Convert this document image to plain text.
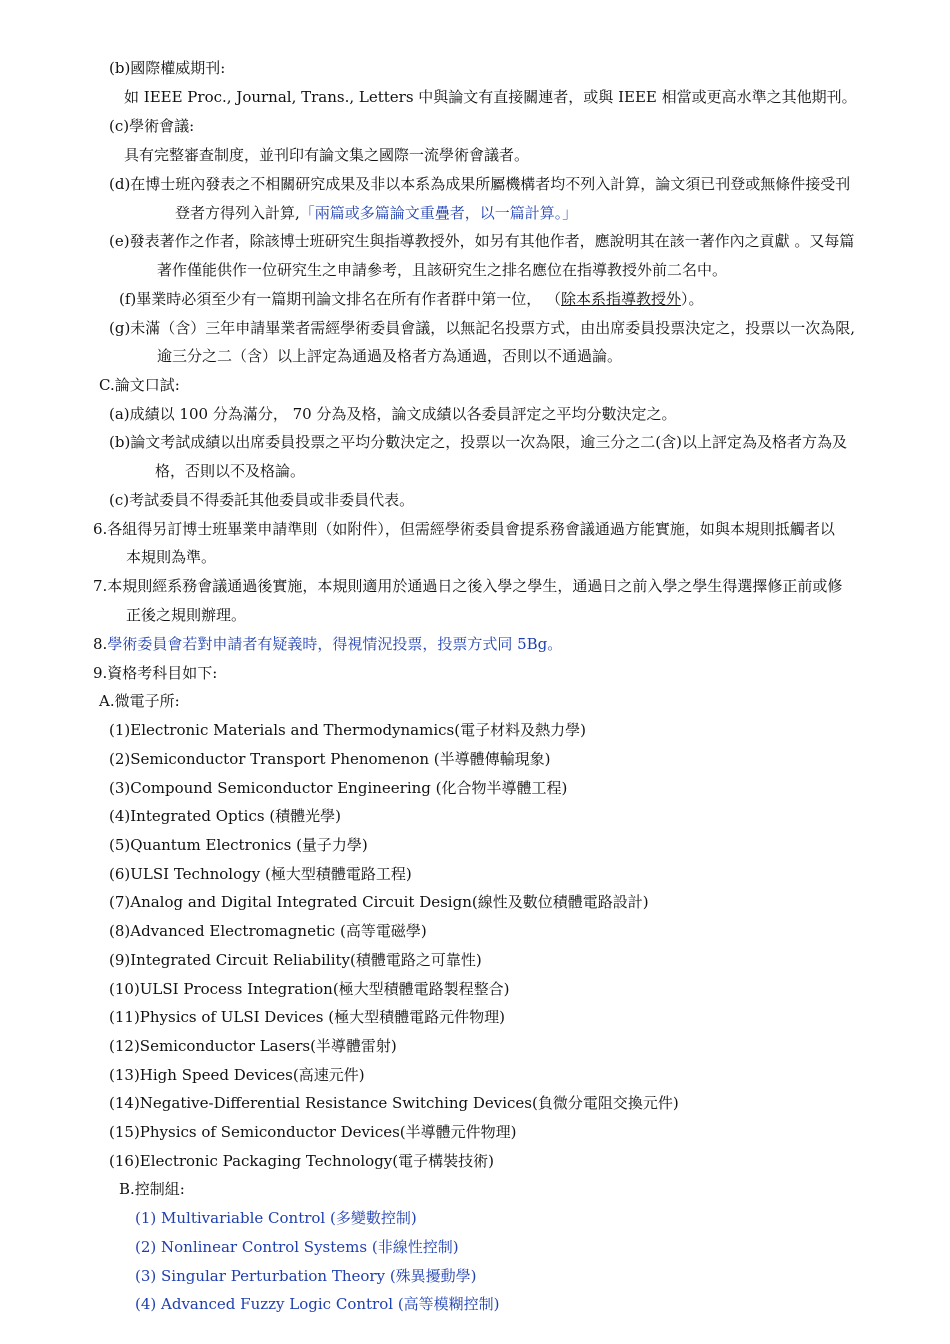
(b)國際權威期刊:
如 IEEE Proc., Journal, Trans., Letters 中與論文有直接關連者，或與 IEEE 相當或更高水準之其他期刊。
(c)學術會議:
具有完整審查制度，並刊印有論文集之國際一流學術會議者。
(d)在博士班內發表之不相關研究成果及非以本系為成果所屬機構者均不列入計算，論文須已刊登或無條件接受刊
登者方得列入計算,「兩篇或多篇論文重疊者，以一篇計算。」
(e)發表著作之作者，除該博士班研究生與指導教授外，如另有其他作者，應說明其在該一著作內之貢獻 。又每篇
著作僅能供作一位研究生之申請參考，且該研究生之排名應位在指導教授外前二名中。
(f)畢業時必須至少有一篇期刊論文排名在所有作者群中第一位， （除本系指導教授外）。
(g)未滿（含）三年申請畢業者需經學術委員會議，以無記名投票方式，由出席委員投票決定之，投票以一次為限,
逾三分之二（含）以上評定為通過及格者方為通過，否則以不通過論。
C.論文口試:
(a)成績以 100 分為滿分， 70 分為及格，論文成績以各委員評定之平均分數決定之。
(b)論文考試成績以出席委員投票之平均分數決定之，投票以一次為限，逾三分之二(含)以上評定為及格者方為及
格，否則以不及格論。
(c)考試委員不得委託其他委員或非委員代表。
6.各組得另訂博士班畢業申請準則（如附件），但需經學術委員會提系務會議通過方能實施，如與本規則抵觸者以
本規則為準。
7.本規則經系務會議通過後實施，本規則適用於通過日之後入學之學生，通過日之前入學之學生得選擇修正前或修
正後之規則辦理。
8.學術委員會若對申請者有疑義時，得視情況投票，投票方式同 5Bg。
9.資格考科目如下:
A.微電子所:
(1)Electronic Materials and Thermodynamics(電子材料及熱力學)
(2)Semiconductor Transport Phenomenon (半導體傳輸現象)
(3)Compound Semiconductor Engineering (化合物半導體工程)
(4)Integrated Optics (積體光學)
(5)Quantum Electronics (量子力學)
(6)ULSI Technology (極大型積體電路工程)
(7)Analog and Digital Integrated Circuit Design(線性及數位積體電路設計)
(8)Advanced Electromagnetic (高等電磁學)
(9)Integrated Circuit Reliability(積體電路之可靠性)
(10)ULSI Process Integration(極大型積體電路製程整合)
(11)Physics of ULSI Devices (極大型積體電路元件物理)
(12)Semiconductor Lasers(半導體雷射)
(13)High Speed Devices(高速元件)
(14)Negative-Differential Resistance Switching Devices(負微分電阻交換元件)
(15)Physics of Semiconductor Devices(半導體元件物理)
(16)Electronic Packaging Technology(電子構裝技術)
B.控制組:
(1) Multivariable Control (多變數控制)
(2) Nonlinear Control Systems (非線性控制)
(3) Singular Perturbation Theory (殊異擾動學)
(4) Advanced Fuzzy Logic Control (高等模糊控制)
